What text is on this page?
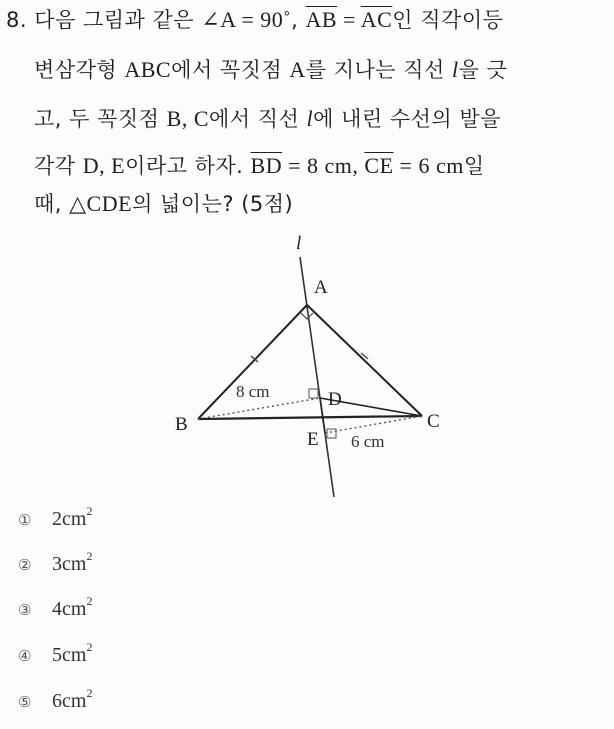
8. 다음 그림과 같은 ∠A = 90˚, $\overline{AB} = \overline{AC}$인 직각이등
변삼각형 ABC에서 꼭짓점 A를 지나는 직선 l을 긋
고, 두 꼭짓점 B, C에서 직선 l에 내린 수선의 발을
각각 D, E이라고 하자. $\overline{BD} = 8$ cm, $\overline{CE} = 6$ cm일
때, △CDE의 넓이는? (5점)
l
A
B	C
D
E
8 cm
6 cm
① $2cm^2$
② $3cm^2$
③ $4cm^2$
④ $5cm^2$
⑤ $6cm^2$
